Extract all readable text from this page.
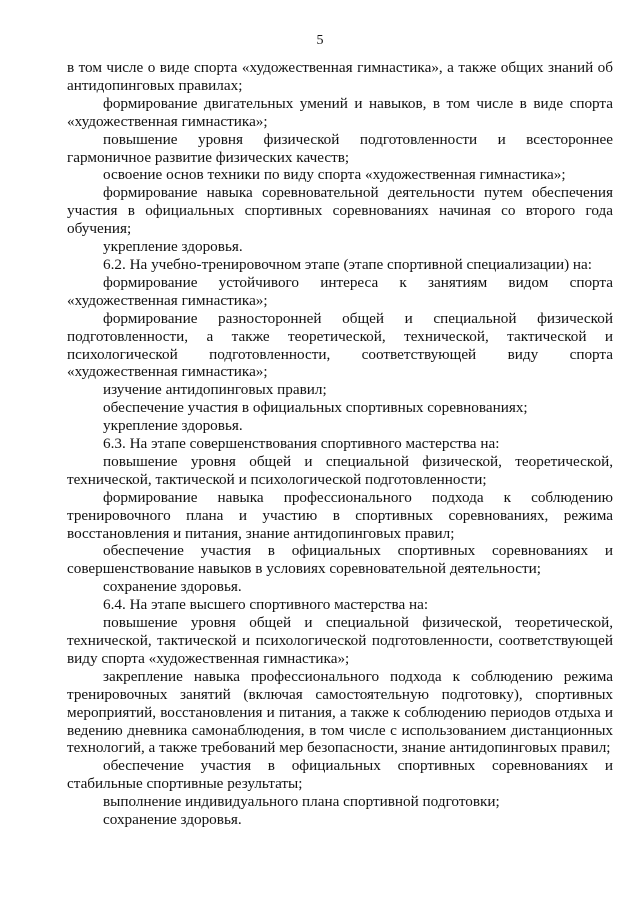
5

в том числе о виде спорта «художественная гимнастика», а также общих знаний об антидопинговых правилах;

формирование двигательных умений и навыков, в том числе в виде спорта «художественная гимнастика»;

повышение уровня физической подготовленности и всестороннее гармоничное развитие физических качеств;

освоение основ техники по виду спорта «художественная гимнастика»;

формирование навыка соревновательной деятельности путем обеспечения участия в официальных спортивных соревнованиях начиная со второго года обучения;

укрепление здоровья.

6.2. На учебно-тренировочном этапе (этапе спортивной специализации) на:

формирование устойчивого интереса к занятиям видом спорта «художественная гимнастика»;

формирование разносторонней общей и специальной физической подготовленности, а также теоретической, технической, тактической и психологической подготовленности, соответствующей виду спорта «художественная гимнастика»;

изучение антидопинговых правил;

обеспечение участия в официальных спортивных соревнованиях;

укрепление здоровья.

6.3. На этапе совершенствования спортивного мастерства на:

повышение уровня общей и специальной физической, теоретической, технической, тактической и психологической подготовленности;

формирование навыка профессионального подхода к соблюдению тренировочного плана и участию в спортивных соревнованиях, режима восстановления и питания, знание антидопинговых правил;

обеспечение участия в официальных спортивных соревнованиях и совершенствование навыков в условиях соревновательной деятельности;

сохранение здоровья.

6.4. На этапе высшего спортивного мастерства на:

повышение уровня общей и специальной физической, теоретической, технической, тактической и психологической подготовленности, соответствующей виду спорта «художественная гимнастика»;

закрепление навыка профессионального подхода к соблюдению режима тренировочных занятий (включая самостоятельную подготовку), спортивных мероприятий, восстановления и питания, а также к соблюдению периодов отдыха и ведению дневника самонаблюдения, в том числе с использованием дистанционных технологий, а также требований мер безопасности, знание антидопинговых правил;

обеспечение участия в официальных спортивных соревнованиях и стабильные спортивные результаты;

выполнение индивидуального плана спортивной подготовки;

сохранение здоровья.
